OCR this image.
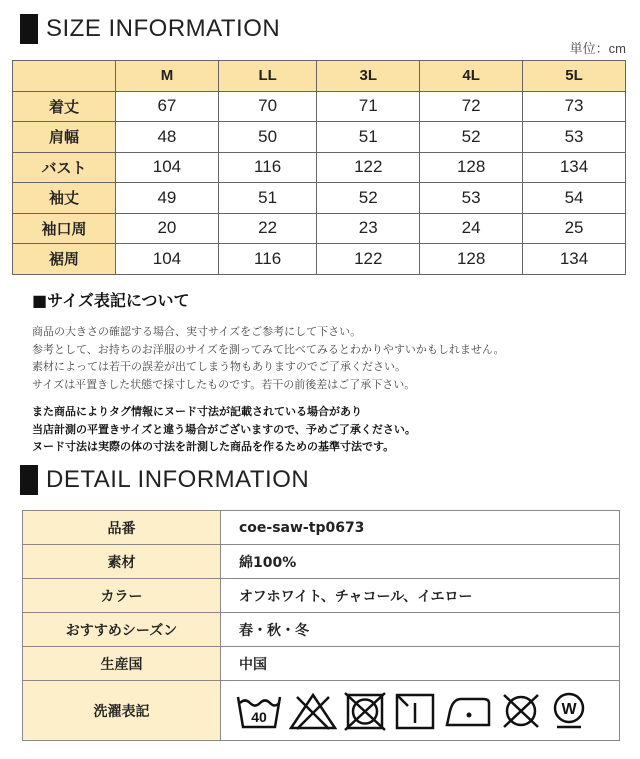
SIZE INFORMATION
単位：cm
	M	LL	3L	4L	5L
着丈	67	70	71	72	73
肩幅	48	50	51	52	53
バスト	104	116	122	128	134
袖丈	49	51	52	53	54
袖口周	20	22	23	24	25
裾周	104	116	122	128	134
■サイズ表記について
商品の大きさの確認する場合、実寸サイズをご参考にして下さい。
参考として、お持ちのお洋服のサイズを測ってみて比べてみるとわかりやすいかもしれません。
素材によっては若干の誤差が出てしまう物もありますのでご了承ください。
サイズは平置きした状態で採寸したものです。若干の前後差はご了承下さい。
また商品によりタグ情報にヌード寸法が記載されている場合があり
当店計測の平置きサイズと違う場合がございますので、予めご了承ください。
ヌード寸法は実際の体の寸法を計測した商品を作るための基準寸法です。
DETAIL INFORMATION
品番	coe-saw-tp0673
素材	綿100%
カラー	オフホワイト、チャコール、イエロー
おすすめシーズン	春・秋・冬
生産国	中国
洗濯表記	40 W
